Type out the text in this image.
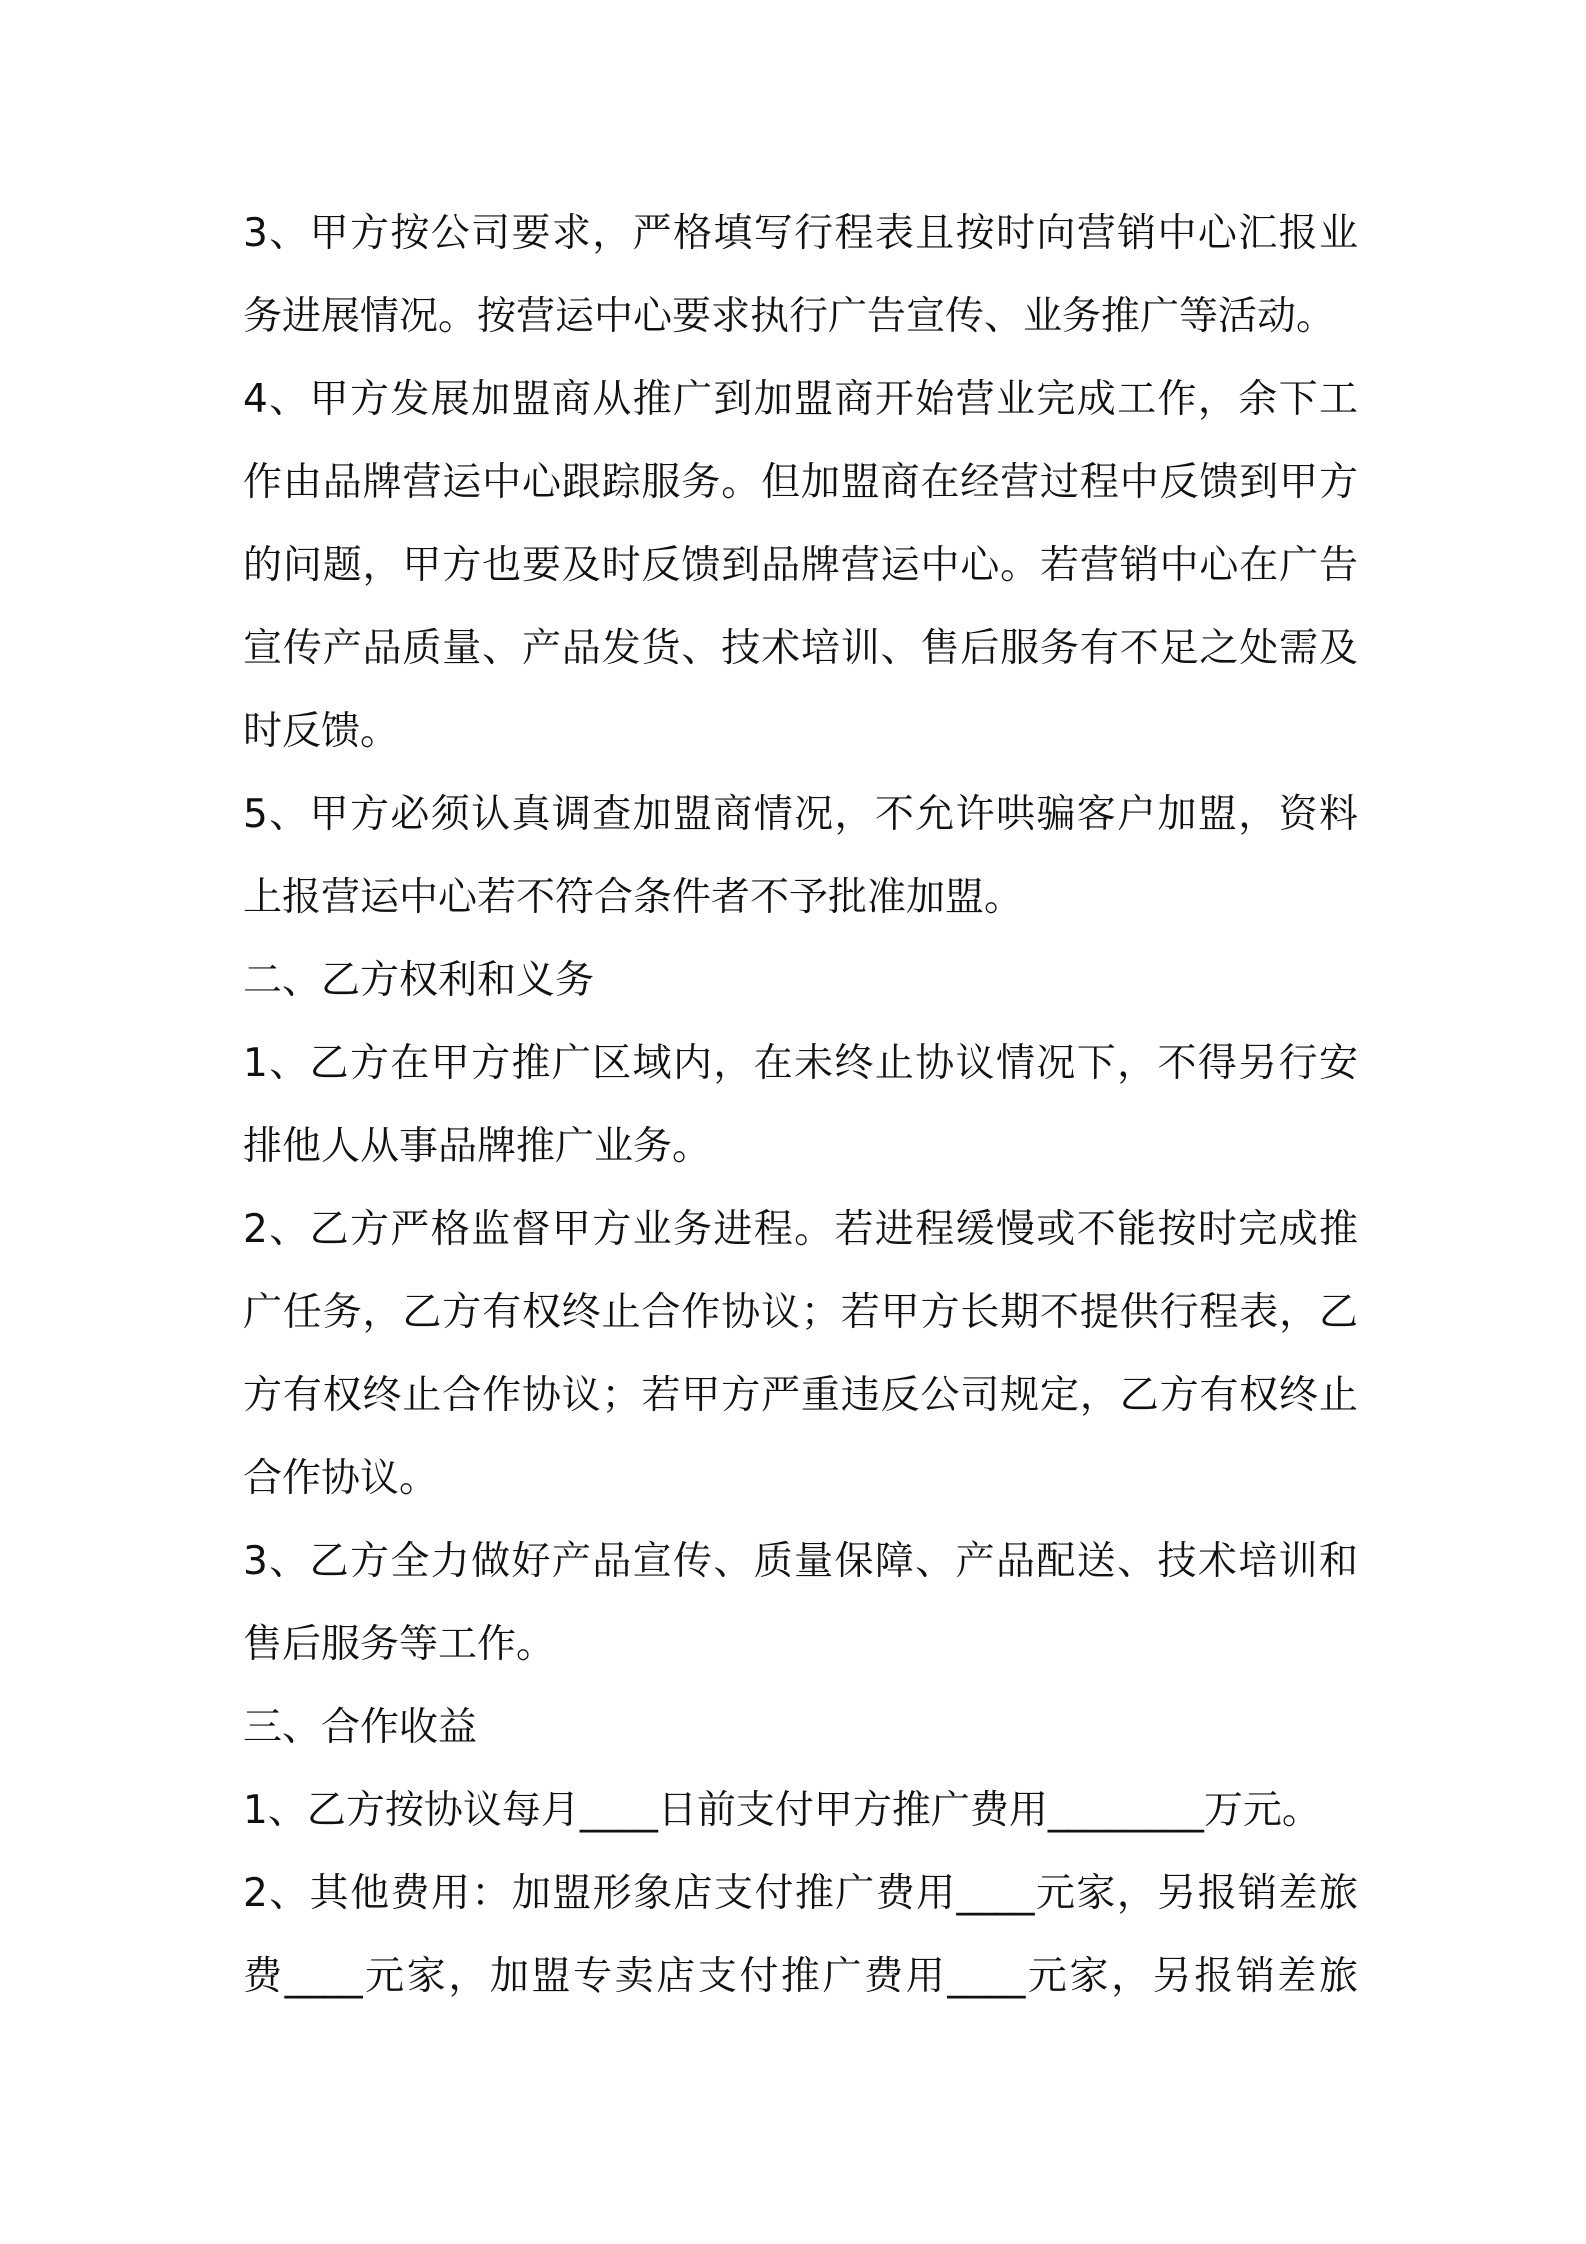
3、甲方按公司要求，严格填写行程表且按时向营销中心汇报业
务进展情况。按营运中心要求执行广告宣传、业务推广等活动。
4、甲方发展加盟商从推广到加盟商开始营业完成工作，余下工
作由品牌营运中心跟踪服务。但加盟商在经营过程中反馈到甲方
的问题，甲方也要及时反馈到品牌营运中心。若营销中心在广告
宣传产品质量、产品发货、技术培训、售后服务有不足之处需及
时反馈。
5、甲方必须认真调查加盟商情况，不允许哄骗客户加盟，资料
上报营运中心若不符合条件者不予批准加盟。
二、乙方权利和义务
1、乙方在甲方推广区域内，在未终止协议情况下，不得另行安
排他人从事品牌推广业务。
2、乙方严格监督甲方业务进程。若进程缓慢或不能按时完成推
广任务，乙方有权终止合作协议；若甲方长期不提供行程表，乙
方有权终止合作协议；若甲方严重违反公司规定，乙方有权终止
合作协议。
3、乙方全力做好产品宣传、质量保障、产品配送、技术培训和
售后服务等工作。
三、合作收益
1、乙方按协议每月____日前支付甲方推广费用________万元。
2、其他费用：加盟形象店支付推广费用____元家，另报销差旅
费____元家，加盟专卖店支付推广费用____元家，另报销差旅
